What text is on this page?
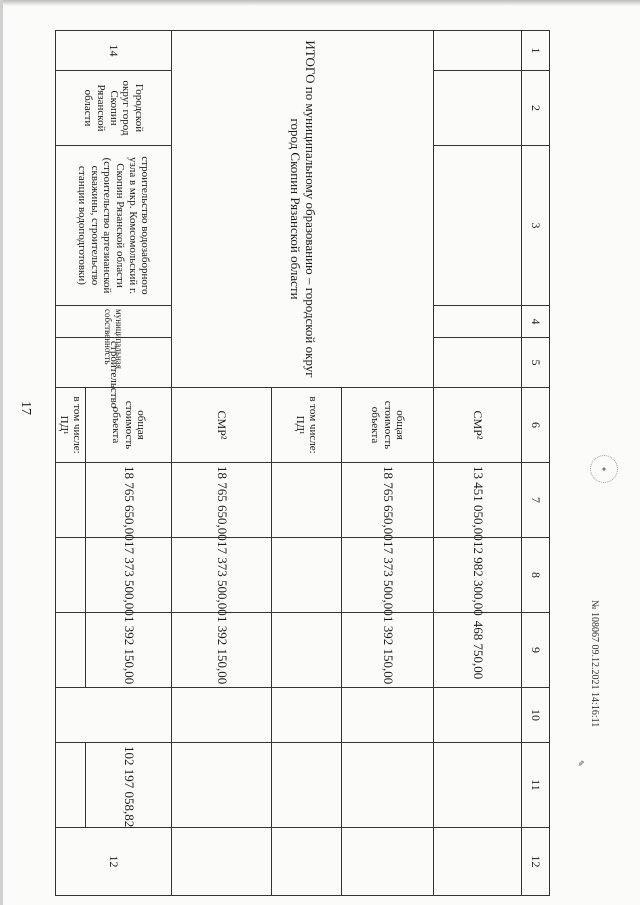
17
1	2	3	4	5	6	7	8	9	10	11	12
					СМР²	13 451 050,00	12 982 300,00	468 750,00			
ИТОГО по муниципальному образованию – городской округ город Скопин Рязанской области					общая стоимость объекта	18 765 650,00	17 373 500,00	1 392 150,00			
					в том числе: ПД¹						
					СМР²	18 765 650,00	17 373 500,00	1 392 150,00			
14	Городской округ город Скопин Рязанской области	строительство водозаборного узла в мкр. Комсомольский г. Скопин Рязанской области (строительство артезианской скважины, строительство станции водоподготовки)	муниципальная собственность	строительство	общая стоимость объекта	18 765 650,00	17 373 500,00	1 392 150,00		102 197 058,82	12
					в том числе: ПД¹						
✦
✎
№ 108067 09.12.2021 14:16:11
